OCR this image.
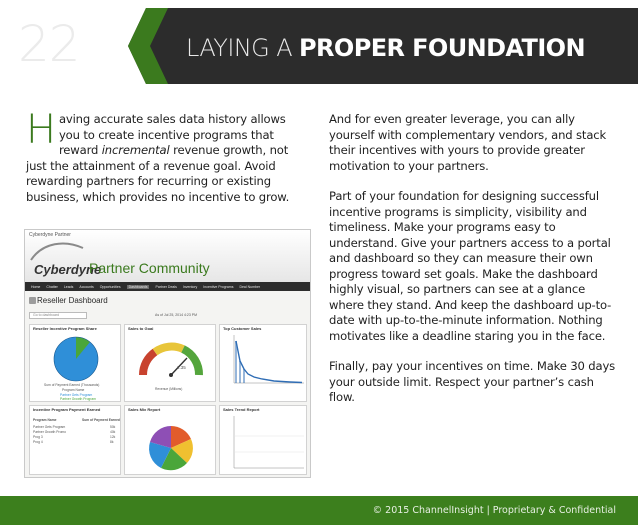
22	LAYING A PROPER FOUNDATION

Having accurate sales data history allows you to create incentive programs that reward incremental revenue growth, not just the attainment of a revenue goal. Avoid rewarding partners for recurring or existing business, which provides no incentive to grow.

Cyberdyne Partner
Cyberdyne
Partner Community
Home Chatter Leads Accounts Opportunities	Dashboards	Partner Deals Inventory Incentive Programs Deal Number
Reseller Dashboard
Go to dashboard	As of Jul 25, 2014 4:23 PM
Reseller Incentive Program Share
Sum of Payment Earned (Thousands)
Program Name
Partner Gets Program
Partner Growth Program
Sales to Goal
2.35
Revenue (Millions)
Top Customer Sales
Incentive Program Payment Earned
Program Name	Sum of Payment Earned
Partner Gets Program	50k
Partner Growth Promo	40k
Prog 3	12k
Prog 4	8k
Sales Mix Report	Sales Trend Report

And for even greater leverage, you can ally yourself with complementary vendors, and stack their incentives with yours to provide greater motivation to your partners.

Part of your foundation for designing successful incentive programs is simplicity, visibility and timeliness. Make your programs easy to understand. Give your partners access to a portal and dashboard so they can measure their own progress toward set goals. Make the dashboard highly visual, so partners can see at a glance where they stand. And keep the dashboard up-to-date with up-to-the-minute information. Nothing motivates like a deadline staring you in the face.

Finally, pay your incentives on time. Make 30 days your outside limit. Respect your partner’s cash flow.

© 2015 ChannelInsight | Proprietary & Confidential
